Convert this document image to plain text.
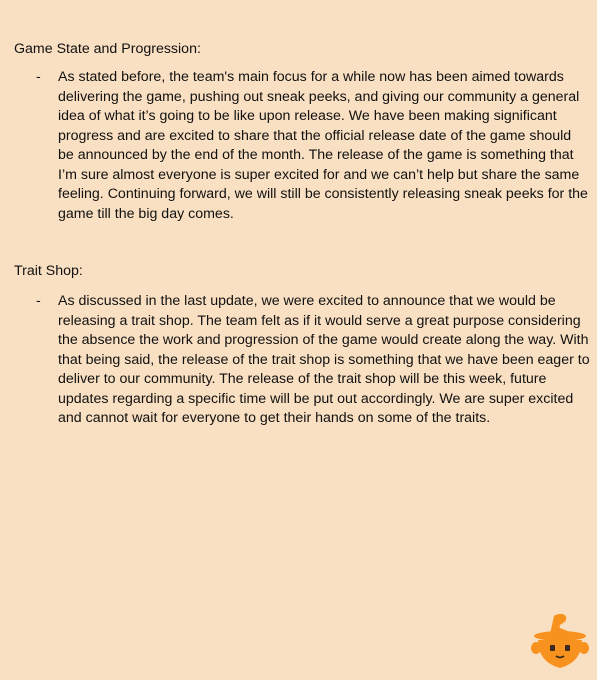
Game State and Progression:
- As stated before, the team's main focus for a while now has been aimed towards delivering the game, pushing out sneak peeks, and giving our community a general idea of what it’s going to be like upon release. We have been making significant progress and are excited to share that the official release date of the game should be announced by the end of the month. The release of the game is something that I’m sure almost everyone is super excited for and we can’t help but share the same feeling. Continuing forward, we will still be consistently releasing sneak peeks for the game till the big day comes.

Trait Shop:
- As discussed in the last update, we were excited to announce that we would be releasing a trait shop. The team felt as if it would serve a great purpose considering the absence the work and progression of the game would create along the way. With that being said, the release of the trait shop is something that we have been eager to deliver to our community. The release of the trait shop will be this week, future updates regarding a specific time will be put out accordingly. We are super excited and cannot wait for everyone to get their hands on some of the traits.
